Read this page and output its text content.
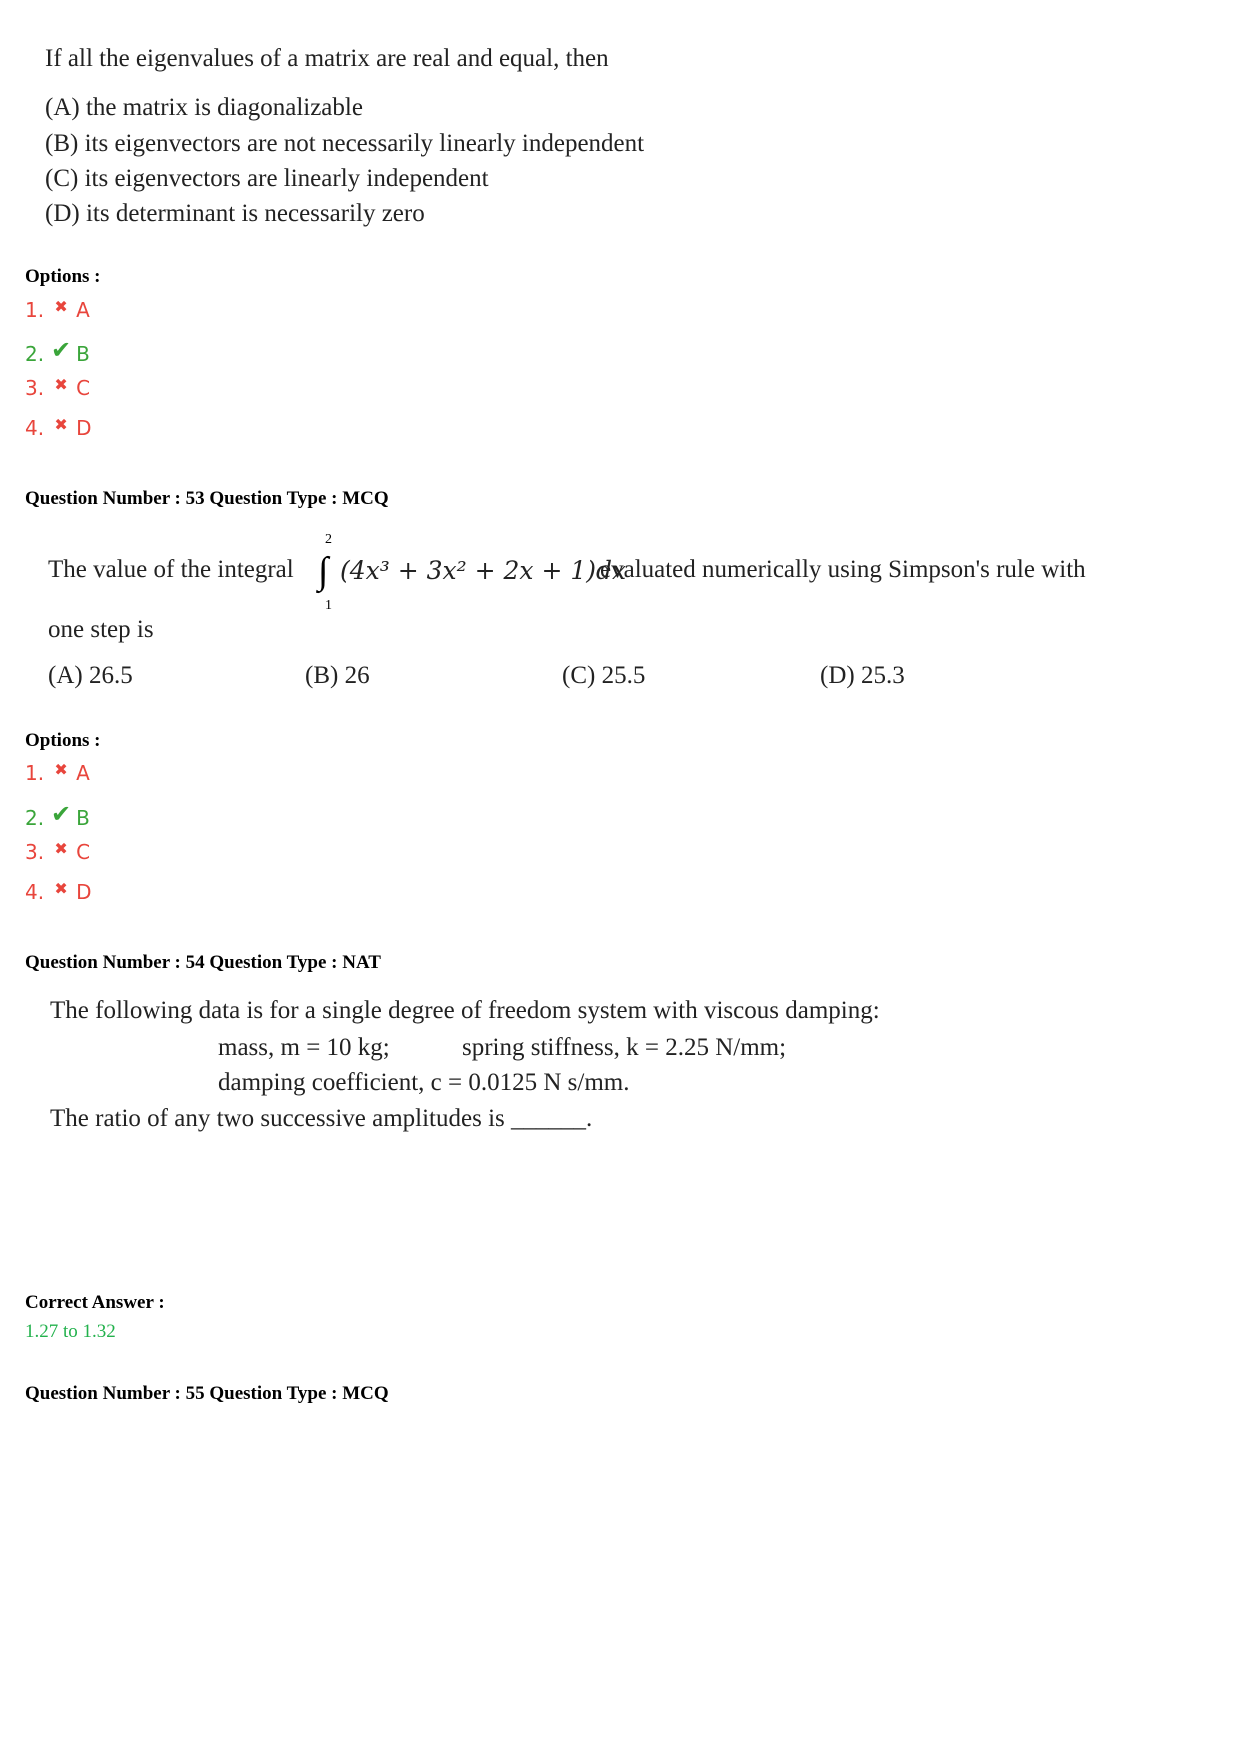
If all the eigenvalues of a matrix are real and equal, then
(A) the matrix is diagonalizable
(B) its eigenvectors are not necessarily linearly independent
(C) its eigenvectors are linearly independent
(D) its determinant is necessarily zero
Options :
1. ✖ A
2. ✔ B
3. ✖ C
4. ✖ D
Question Number : 53 Question Type : MCQ
The value of the integral
2
∫
1
(4x³ + 3x² + 2x + 1)dx
evaluated numerically using Simpson's rule with
one step is
(A) 26.5	(B) 26	(C) 25.5	(D) 25.3
Options :
1. ✖ A
2. ✔ B
3. ✖ C
4. ✖ D
Question Number : 54 Question Type : NAT
The following data is for a single degree of freedom system with viscous damping:
mass, m = 10 kg;	spring stiffness, k = 2.25 N/mm;
damping coefficient, c = 0.0125 N s/mm.
The ratio of any two successive amplitudes is ______.
Correct Answer :
1.27 to 1.32
Question Number : 55 Question Type : MCQ
